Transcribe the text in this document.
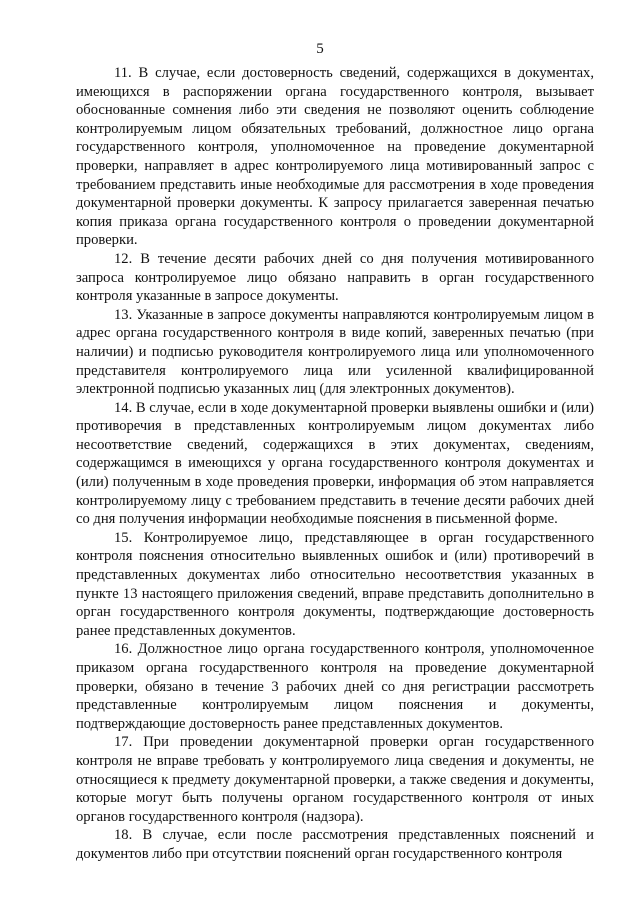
5

11. В случае, если достоверность сведений, содержащихся в документах, имеющихся в распоряжении органа государственного контроля, вызывает обоснованные сомнения либо эти сведения не позволяют оценить соблюдение контролируемым лицом обязательных требований, должностное лицо органа государственного контроля, уполномоченное на проведение документарной проверки, направляет в адрес контролируемого лица мотивированный запрос с требованием представить иные необходимые для рассмотрения в ходе проведения документарной проверки документы. К запросу прилагается заверенная печатью копия приказа органа государственного контроля о проведении документарной проверки.

12. В течение десяти рабочих дней со дня получения мотивированного запроса контролируемое лицо обязано направить в орган государственного контроля указанные в запросе документы.

13. Указанные в запросе документы направляются контролируемым лицом в адрес органа государственного контроля в виде копий, заверенных печатью (при наличии) и подписью руководителя контролируемого лица или уполномоченного представителя контролируемого лица или усиленной квалифицированной электронной подписью указанных лиц (для электронных документов).

14. В случае, если в ходе документарной проверки выявлены ошибки и (или) противоречия в представленных контролируемым лицом документах либо несоответствие сведений, содержащихся в этих документах, сведениям, содержащимся в имеющихся у органа государственного контроля документах и (или) полученным в ходе проведения проверки, информация об этом направляется контролируемому лицу с требованием представить в течение десяти рабочих дней со дня получения информации необходимые пояснения в письменной форме.

15. Контролируемое лицо, представляющее в орган государственного контроля пояснения относительно выявленных ошибок и (или) противоречий в представленных документах либо относительно несоответствия указанных в пункте 13 настоящего приложения сведений, вправе представить дополнительно в орган государственного контроля документы, подтверждающие достоверность ранее представленных документов.

16. Должностное лицо органа государственного контроля, уполномоченное приказом органа государственного контроля на проведение документарной проверки, обязано в течение 3 рабочих дней со дня регистрации рассмотреть представленные контролируемым лицом пояснения и документы, подтверждающие достоверность ранее представленных документов.

17. При проведении документарной проверки орган государственного контроля не вправе требовать у контролируемого лица сведения и документы, не относящиеся к предмету документарной проверки, а также сведения и документы, которые могут быть получены органом государственного контроля от иных органов государственного контроля (надзора).

18. В случае, если после рассмотрения представленных пояснений и документов либо при отсутствии пояснений орган государственного контроля
